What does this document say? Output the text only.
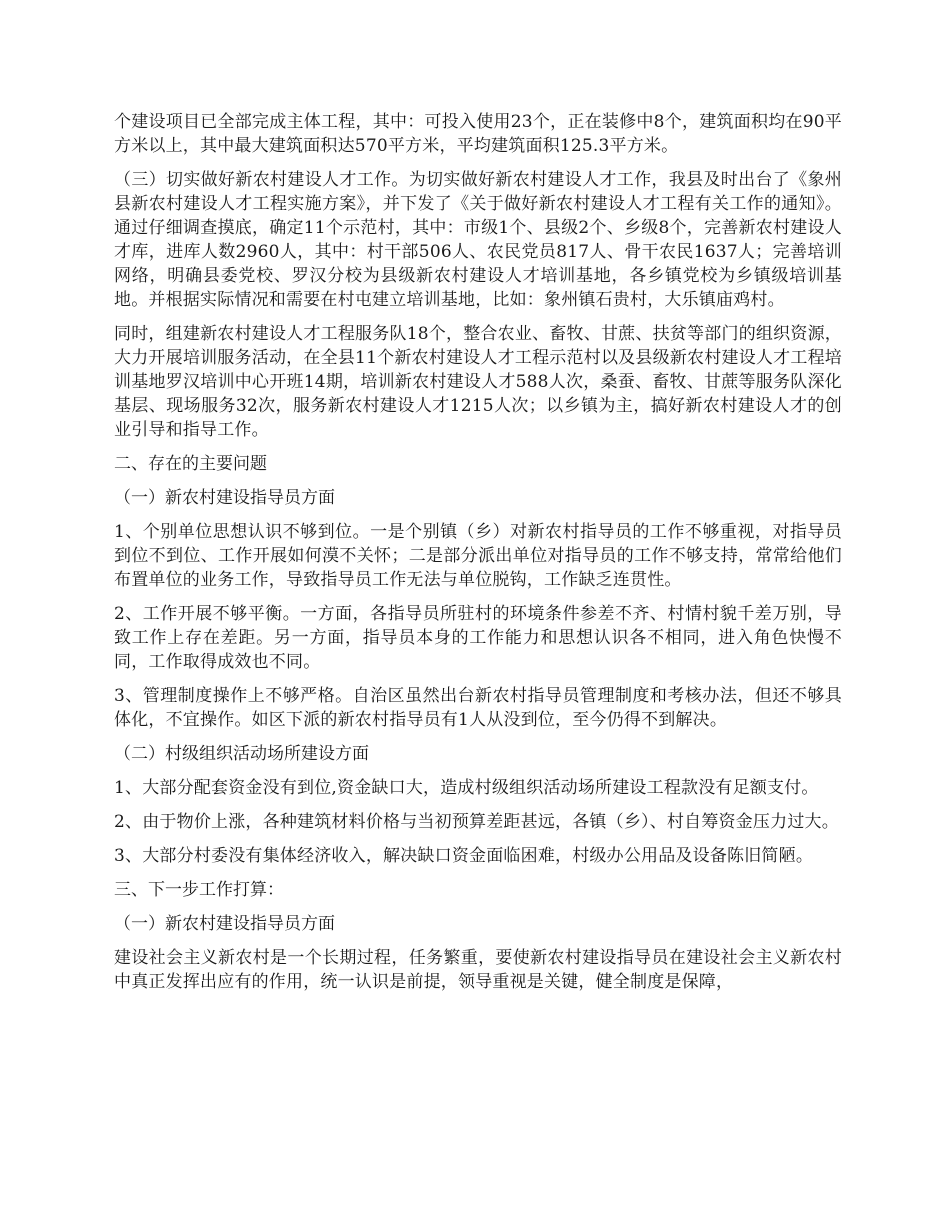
个建设项目已全部完成主体工程，其中：可投入使用23个，正在装修中8个，建筑面积均在90平方米以上，其中最大建筑面积达570平方米，平均建筑面积125.3平方米。

（三）切实做好新农村建设人才工作。为切实做好新农村建设人才工作，我县及时出台了《象州县新农村建设人才工程实施方案》，并下发了《关于做好新农村建设人才工程有关工作的通知》。通过仔细调查摸底，确定11个示范村，其中：市级1个、县级2个、乡级8个，完善新农村建设人才库，进库人数2960人，其中：村干部506人、农民党员817人、骨干农民1637人；完善培训网络，明确县委党校、罗汉分校为县级新农村建设人才培训基地，各乡镇党校为乡镇级培训基地。并根据实际情况和需要在村屯建立培训基地，比如：象州镇石贵村，大乐镇庙鸡村。

同时，组建新农村建设人才工程服务队18个，整合农业、畜牧、甘蔗、扶贫等部门的组织资源，大力开展培训服务活动，在全县11个新农村建设人才工程示范村以及县级新农村建设人才工程培训基地罗汉培训中心开班14期，培训新农村建设人才588人次，桑蚕、畜牧、甘蔗等服务队深化基层、现场服务32次，服务新农村建设人才1215人次；以乡镇为主，搞好新农村建设人才的创业引导和指导工作。

二、存在的主要问题

（一）新农村建设指导员方面

1、个别单位思想认识不够到位。一是个别镇（乡）对新农村指导员的工作不够重视，对指导员到位不到位、工作开展如何漠不关怀；二是部分派出单位对指导员的工作不够支持，常常给他们布置单位的业务工作，导致指导员工作无法与单位脱钩，工作缺乏连贯性。

2、工作开展不够平衡。一方面，各指导员所驻村的环境条件参差不齐、村情村貌千差万别，导致工作上存在差距。另一方面，指导员本身的工作能力和思想认识各不相同，进入角色快慢不同，工作取得成效也不同。

3、管理制度操作上不够严格。自治区虽然出台新农村指导员管理制度和考核办法，但还不够具体化，不宜操作。如区下派的新农村指导员有1人从没到位，至今仍得不到解决。

（二）村级组织活动场所建设方面

1、大部分配套资金没有到位,资金缺口大，造成村级组织活动场所建设工程款没有足额支付。

2、由于物价上涨，各种建筑材料价格与当初预算差距甚远，各镇（乡）、村自筹资金压力过大。

3、大部分村委没有集体经济收入，解决缺口资金面临困难，村级办公用品及设备陈旧简陋。

三、下一步工作打算：

（一）新农村建设指导员方面

建设社会主义新农村是一个长期过程，任务繁重，要使新农村建设指导员在建设社会主义新农村中真正发挥出应有的作用，统一认识是前提，领导重视是关键，健全制度是保障，
